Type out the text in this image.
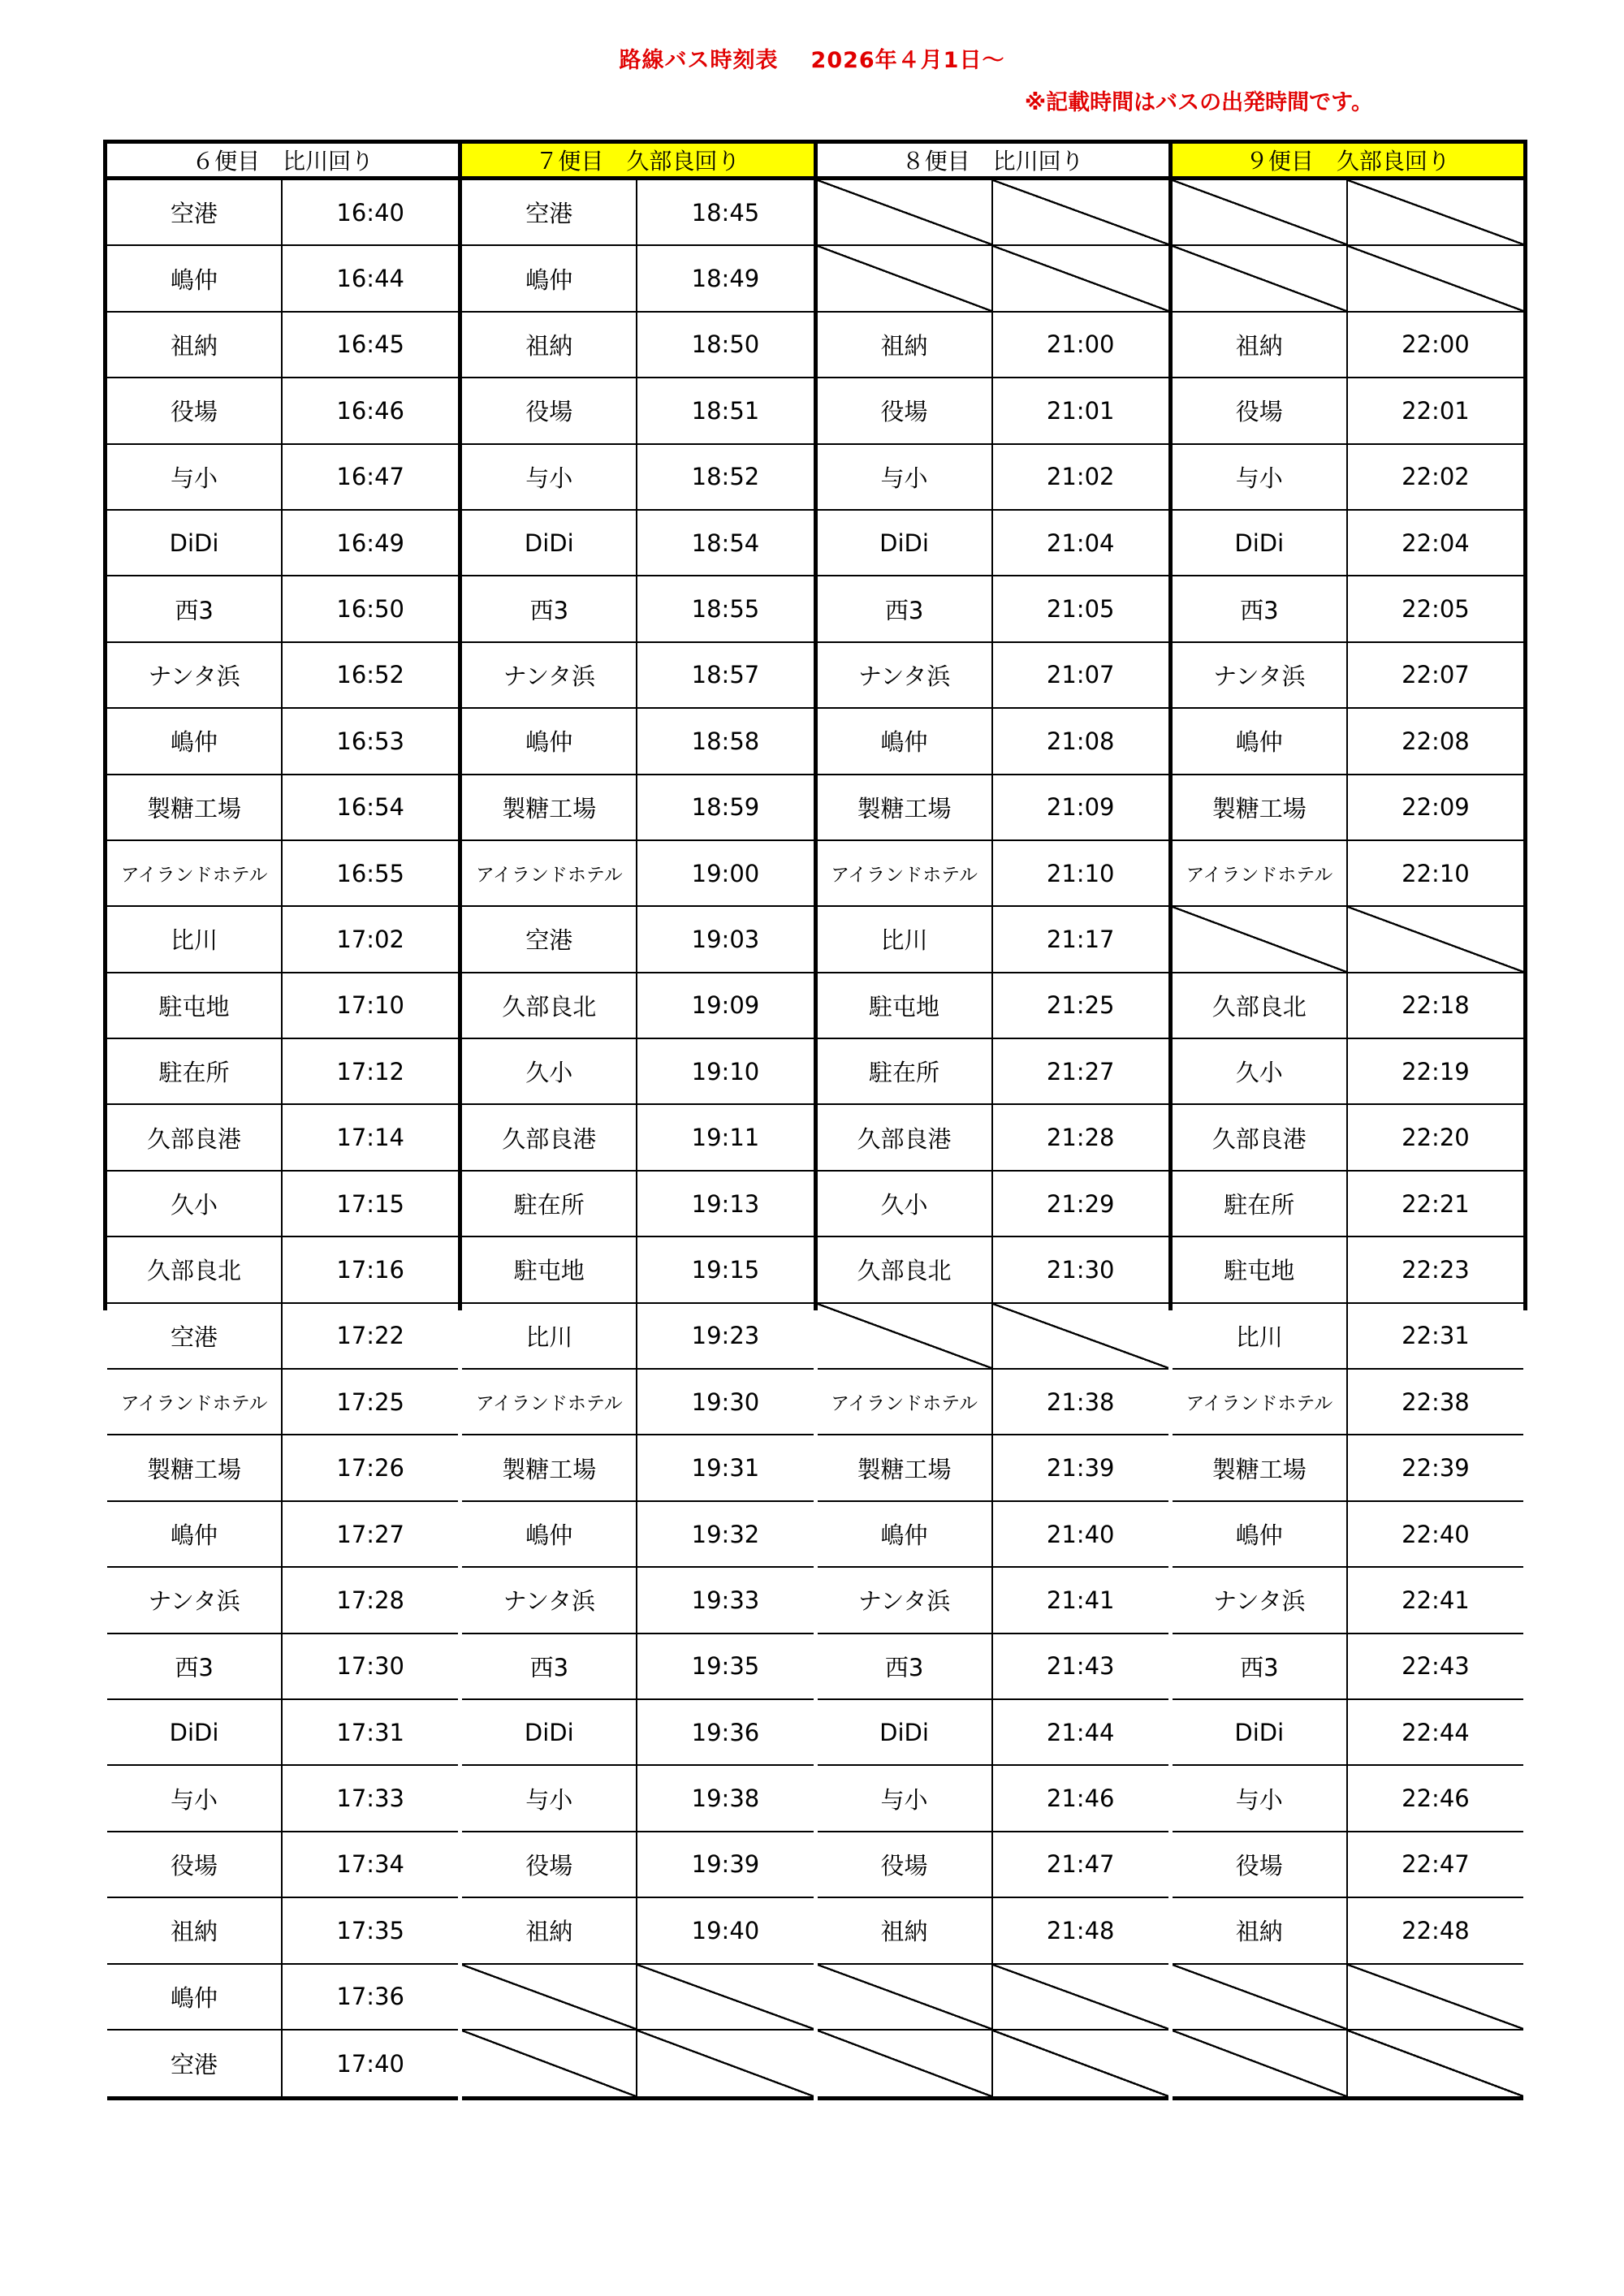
路線バス時刻表 2026年４月1日～
※記載時間はバスの出発時間です。
６便目　比川回り
空港	16:40
嶋仲	16:44
祖納	16:45
役場	16:46
与小	16:47
DiDi	16:49
西3	16:50
ナンタ浜	16:52
嶋仲	16:53
製糖工場	16:54
アイランドホテル	16:55
比川	17:02
駐屯地	17:10
駐在所	17:12
久部良港	17:14
久小	17:15
久部良北	17:16
空港	17:22
アイランドホテル	17:25
製糖工場	17:26
嶋仲	17:27
ナンタ浜	17:28
西3	17:30
DiDi	17:31
与小	17:33
役場	17:34
祖納	17:35
嶋仲	17:36
空港	17:40
７便目　久部良回り
空港	18:45
嶋仲	18:49
祖納	18:50
役場	18:51
与小	18:52
DiDi	18:54
西3	18:55
ナンタ浜	18:57
嶋仲	18:58
製糖工場	18:59
アイランドホテル	19:00
空港	19:03
久部良北	19:09
久小	19:10
久部良港	19:11
駐在所	19:13
駐屯地	19:15
比川	19:23
アイランドホテル	19:30
製糖工場	19:31
嶋仲	19:32
ナンタ浜	19:33
西3	19:35
DiDi	19:36
与小	19:38
役場	19:39
祖納	19:40
８便目　比川回り
祖納	21:00
役場	21:01
与小	21:02
DiDi	21:04
西3	21:05
ナンタ浜	21:07
嶋仲	21:08
製糖工場	21:09
アイランドホテル	21:10
比川	21:17
駐屯地	21:25
駐在所	21:27
久部良港	21:28
久小	21:29
久部良北	21:30
アイランドホテル	21:38
製糖工場	21:39
嶋仲	21:40
ナンタ浜	21:41
西3	21:43
DiDi	21:44
与小	21:46
役場	21:47
祖納	21:48
９便目　久部良回り
祖納	22:00
役場	22:01
与小	22:02
DiDi	22:04
西3	22:05
ナンタ浜	22:07
嶋仲	22:08
製糖工場	22:09
アイランドホテル	22:10
久部良北	22:18
久小	22:19
久部良港	22:20
駐在所	22:21
駐屯地	22:23
比川	22:31
アイランドホテル	22:38
製糖工場	22:39
嶋仲	22:40
ナンタ浜	22:41
西3	22:43
DiDi	22:44
与小	22:46
役場	22:47
祖納	22:48
